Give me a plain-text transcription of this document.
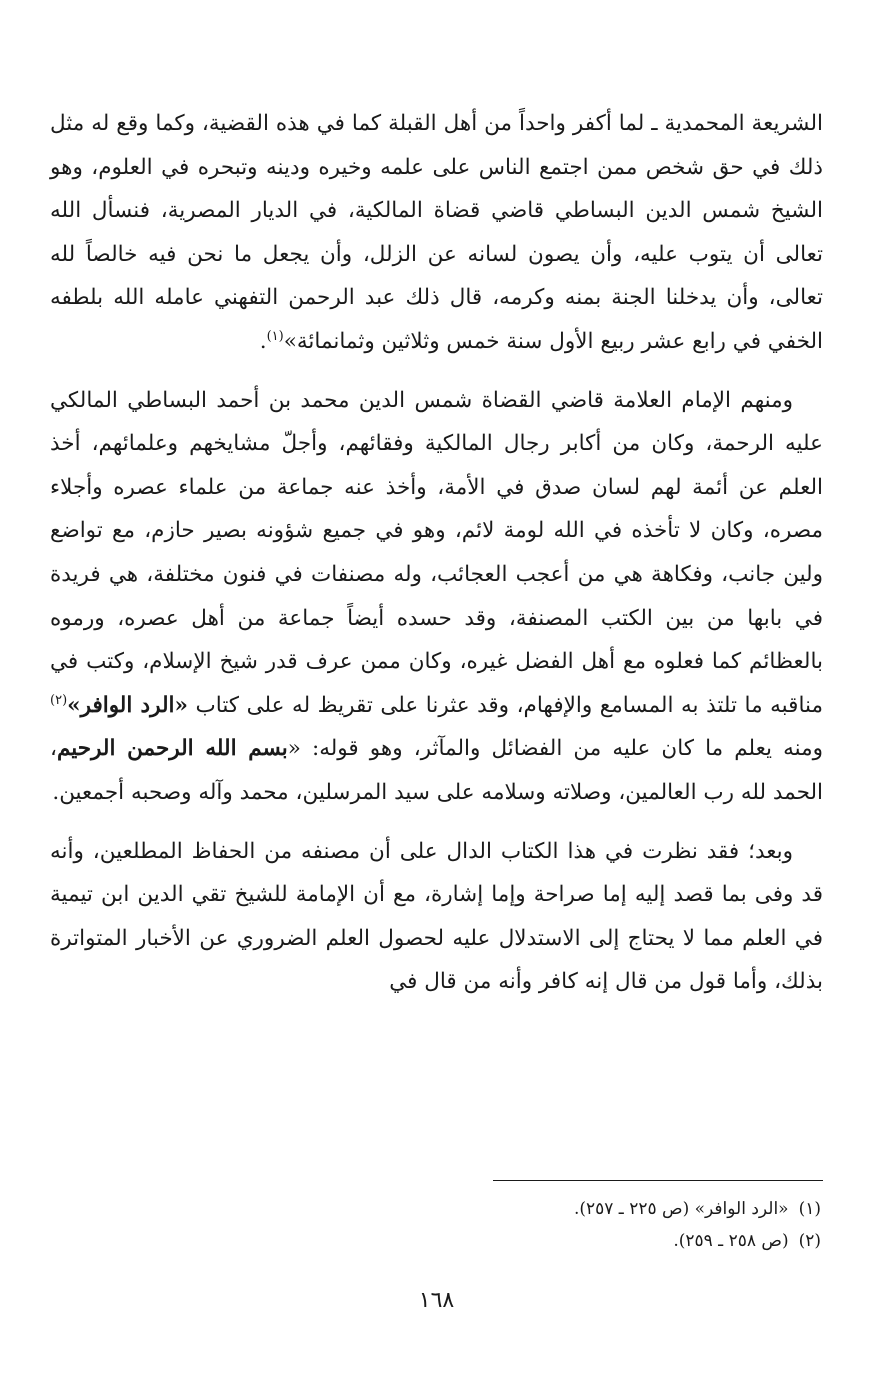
الشريعة المحمدية ـ لما أكفر واحداً من أهل القبلة كما في هذه القضية، وكما وقع له مثل ذلك في حق شخص ممن اجتمع الناس على علمه وخيره ودينه وتبحره في العلوم، وهو الشيخ شمس الدين البساطي قاضي قضاة المالكية، في الديار المصرية، فنسأل الله تعالى أن يتوب عليه، وأن يصون لسانه عن الزلل، وأن يجعل ما نحن فيه خالصاً لله تعالى، وأن يدخلنا الجنة بمنه وكرمه، قال ذلك عبد الرحمن التفهني عامله الله بلطفه الخفي في رابع عشر ربيع الأول سنة خمس وثلاثين وثمانمائة»$^{(١)}$.

ومنهم الإمام العلامة قاضي القضاة شمس الدين محمد بن أحمد البساطي المالكي عليه الرحمة، وكان من أكابر رجال المالكية وفقائهم، وأجلّ مشايخهم وعلمائهم، أخذ العلم عن أئمة لهم لسان صدق في الأمة، وأخذ عنه جماعة من علماء عصره وأجلاء مصره، وكان لا تأخذه في الله لومة لائم، وهو في جميع شؤونه بصير حازم، مع تواضع ولين جانب، وفكاهة هي من أعجب العجائب، وله مصنفات في فنون مختلفة، هي فريدة في بابها من بين الكتب المصنفة، وقد حسده أيضاً جماعة من أهل عصره، ورموه بالعظائم كما فعلوه مع أهل الفضل غيره، وكان ممن عرف قدر شيخ الإسلام، وكتب في مناقبه ما تلتذ به المسامع والإفهام، وقد عثرنا على تقريظ له على كتاب «الرد الوافر»$^{(٢)}$ ومنه يعلم ما كان عليه من الفضائل والمآثر، وهو قوله: «بسم الله الرحمن الرحيم، الحمد لله رب العالمين، وصلاته وسلامه على سيد المرسلين، محمد وآله وصحبه أجمعين.

وبعد؛ فقد نظرت في هذا الكتاب الدال على أن مصنفه من الحفاظ المطلعين، وأنه قد وفى بما قصد إليه إما صراحة وإما إشارة، مع أن الإمامة للشيخ تقي الدين ابن تيمية في العلم مما لا يحتاج إلى الاستدلال عليه لحصول العلم الضروري عن الأخبار المتواترة بذلك، وأما قول من قال إنه كافر وأنه من قال في

(١)«الرد الوافر» (ص ٢٢٥ ـ ٢٥٧).

(٢)(ص ٢٥٨ ـ ٢٥٩).

١٦٨
